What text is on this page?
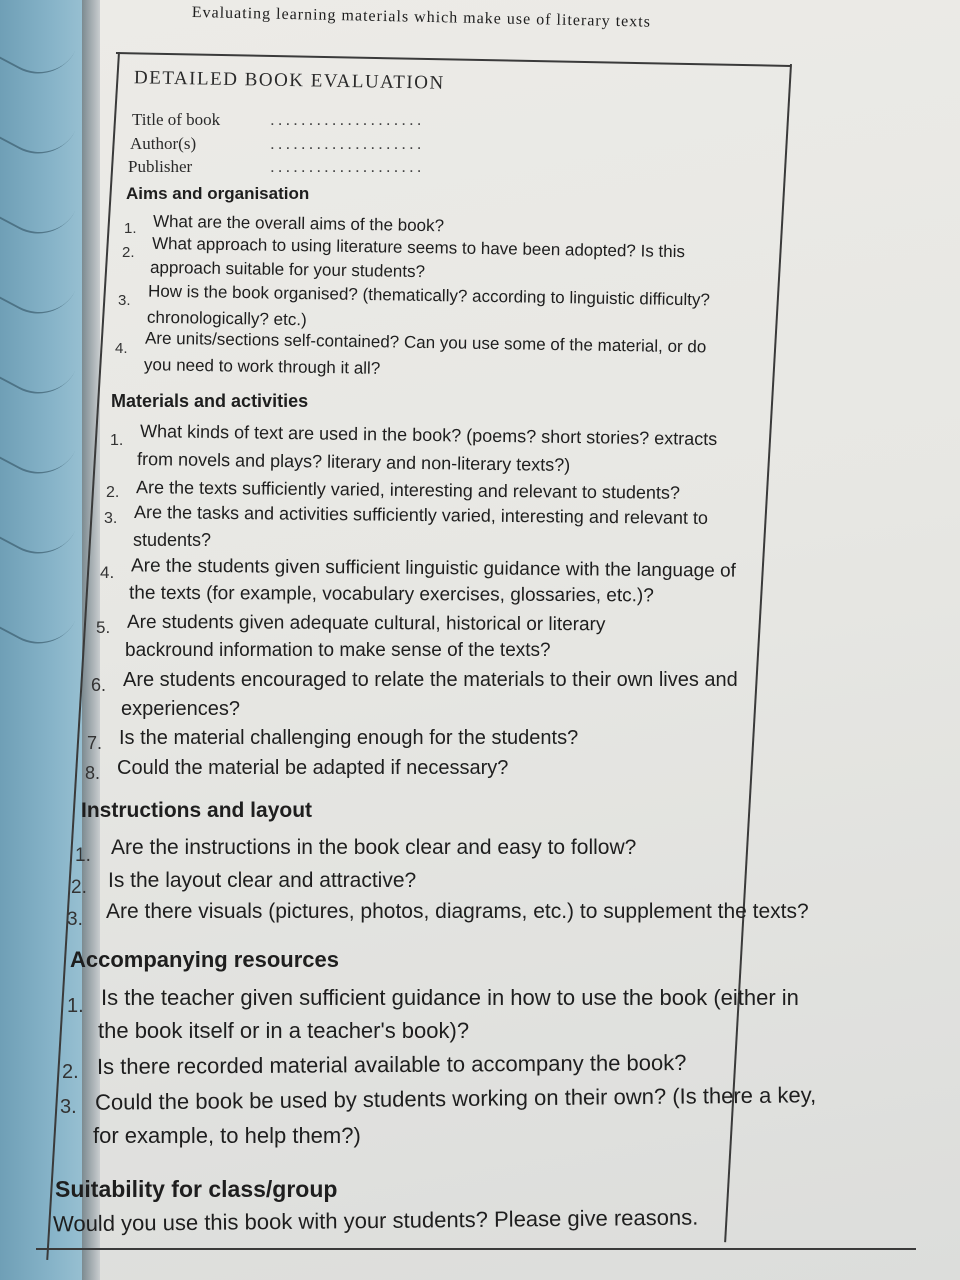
Evaluating learning materials which make use of literary texts
DETAILED BOOK EVALUATION
Title of book	....................
Author(s)	....................
Publisher	....................
Aims and organisation
1. What are the overall aims of the book?
2. What approach to using literature seems to have been adopted? Is this
approach suitable for your students?
3. How is the book organised? (thematically? according to linguistic difficulty?
chronologically? etc.)
4. Are units/sections self-contained? Can you use some of the material, or do
you need to work through it all?
Materials and activities
1. What kinds of text are used in the book? (poems? short stories? extracts
from novels and plays? literary and non-literary texts?)
2. Are the texts sufficiently varied, interesting and relevant to students?
3. Are the tasks and activities sufficiently varied, interesting and relevant to
students?
4. Are the students given sufficient linguistic guidance with the language of
the texts (for example, vocabulary exercises, glossaries, etc.)?
5. Are students given adequate cultural, historical or literary
backround information to make sense of the texts?
6. Are students encouraged to relate the materials to their own lives and
experiences?
7. Is the material challenging enough for the students?
8. Could the material be adapted if necessary?
Instructions and layout
1. Are the instructions in the book clear and easy to follow?
2. Is the layout clear and attractive?
3. Are there visuals (pictures, photos, diagrams, etc.) to supplement the texts?
Accompanying resources
1. Is the teacher given sufficient guidance in how to use the book (either in
the book itself or in a teacher's book)?
2. Is there recorded material available to accompany the book?
3. Could the book be used by students working on their own? (Is there a key,
for example, to help them?)
Suitability for class/group
Would you use this book with your students? Please give reasons.
